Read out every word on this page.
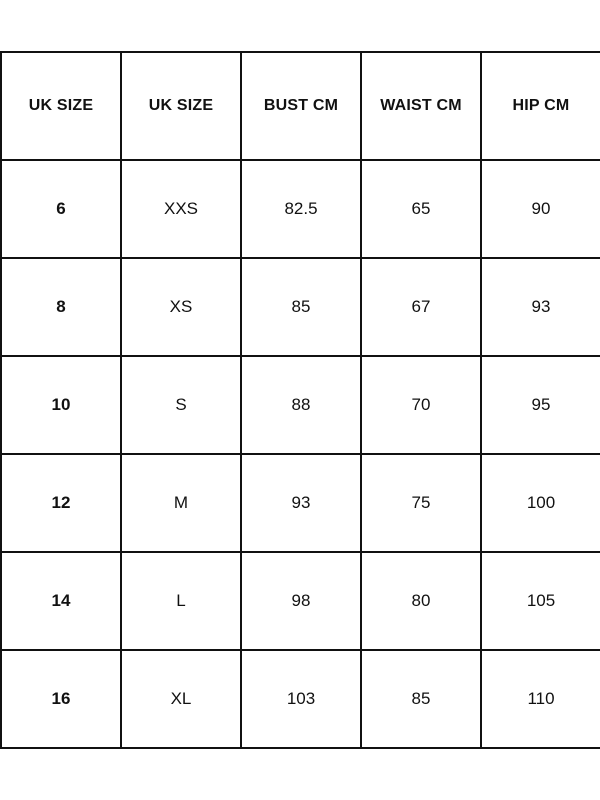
UK SIZE	UK SIZE	BUST CM	WAIST CM	HIP CM
6	XXS	82.5	65	90
8	XS	85	67	93
10	S	88	70	95
12	M	93	75	100
14	L	98	80	105
16	XL	103	85	110
